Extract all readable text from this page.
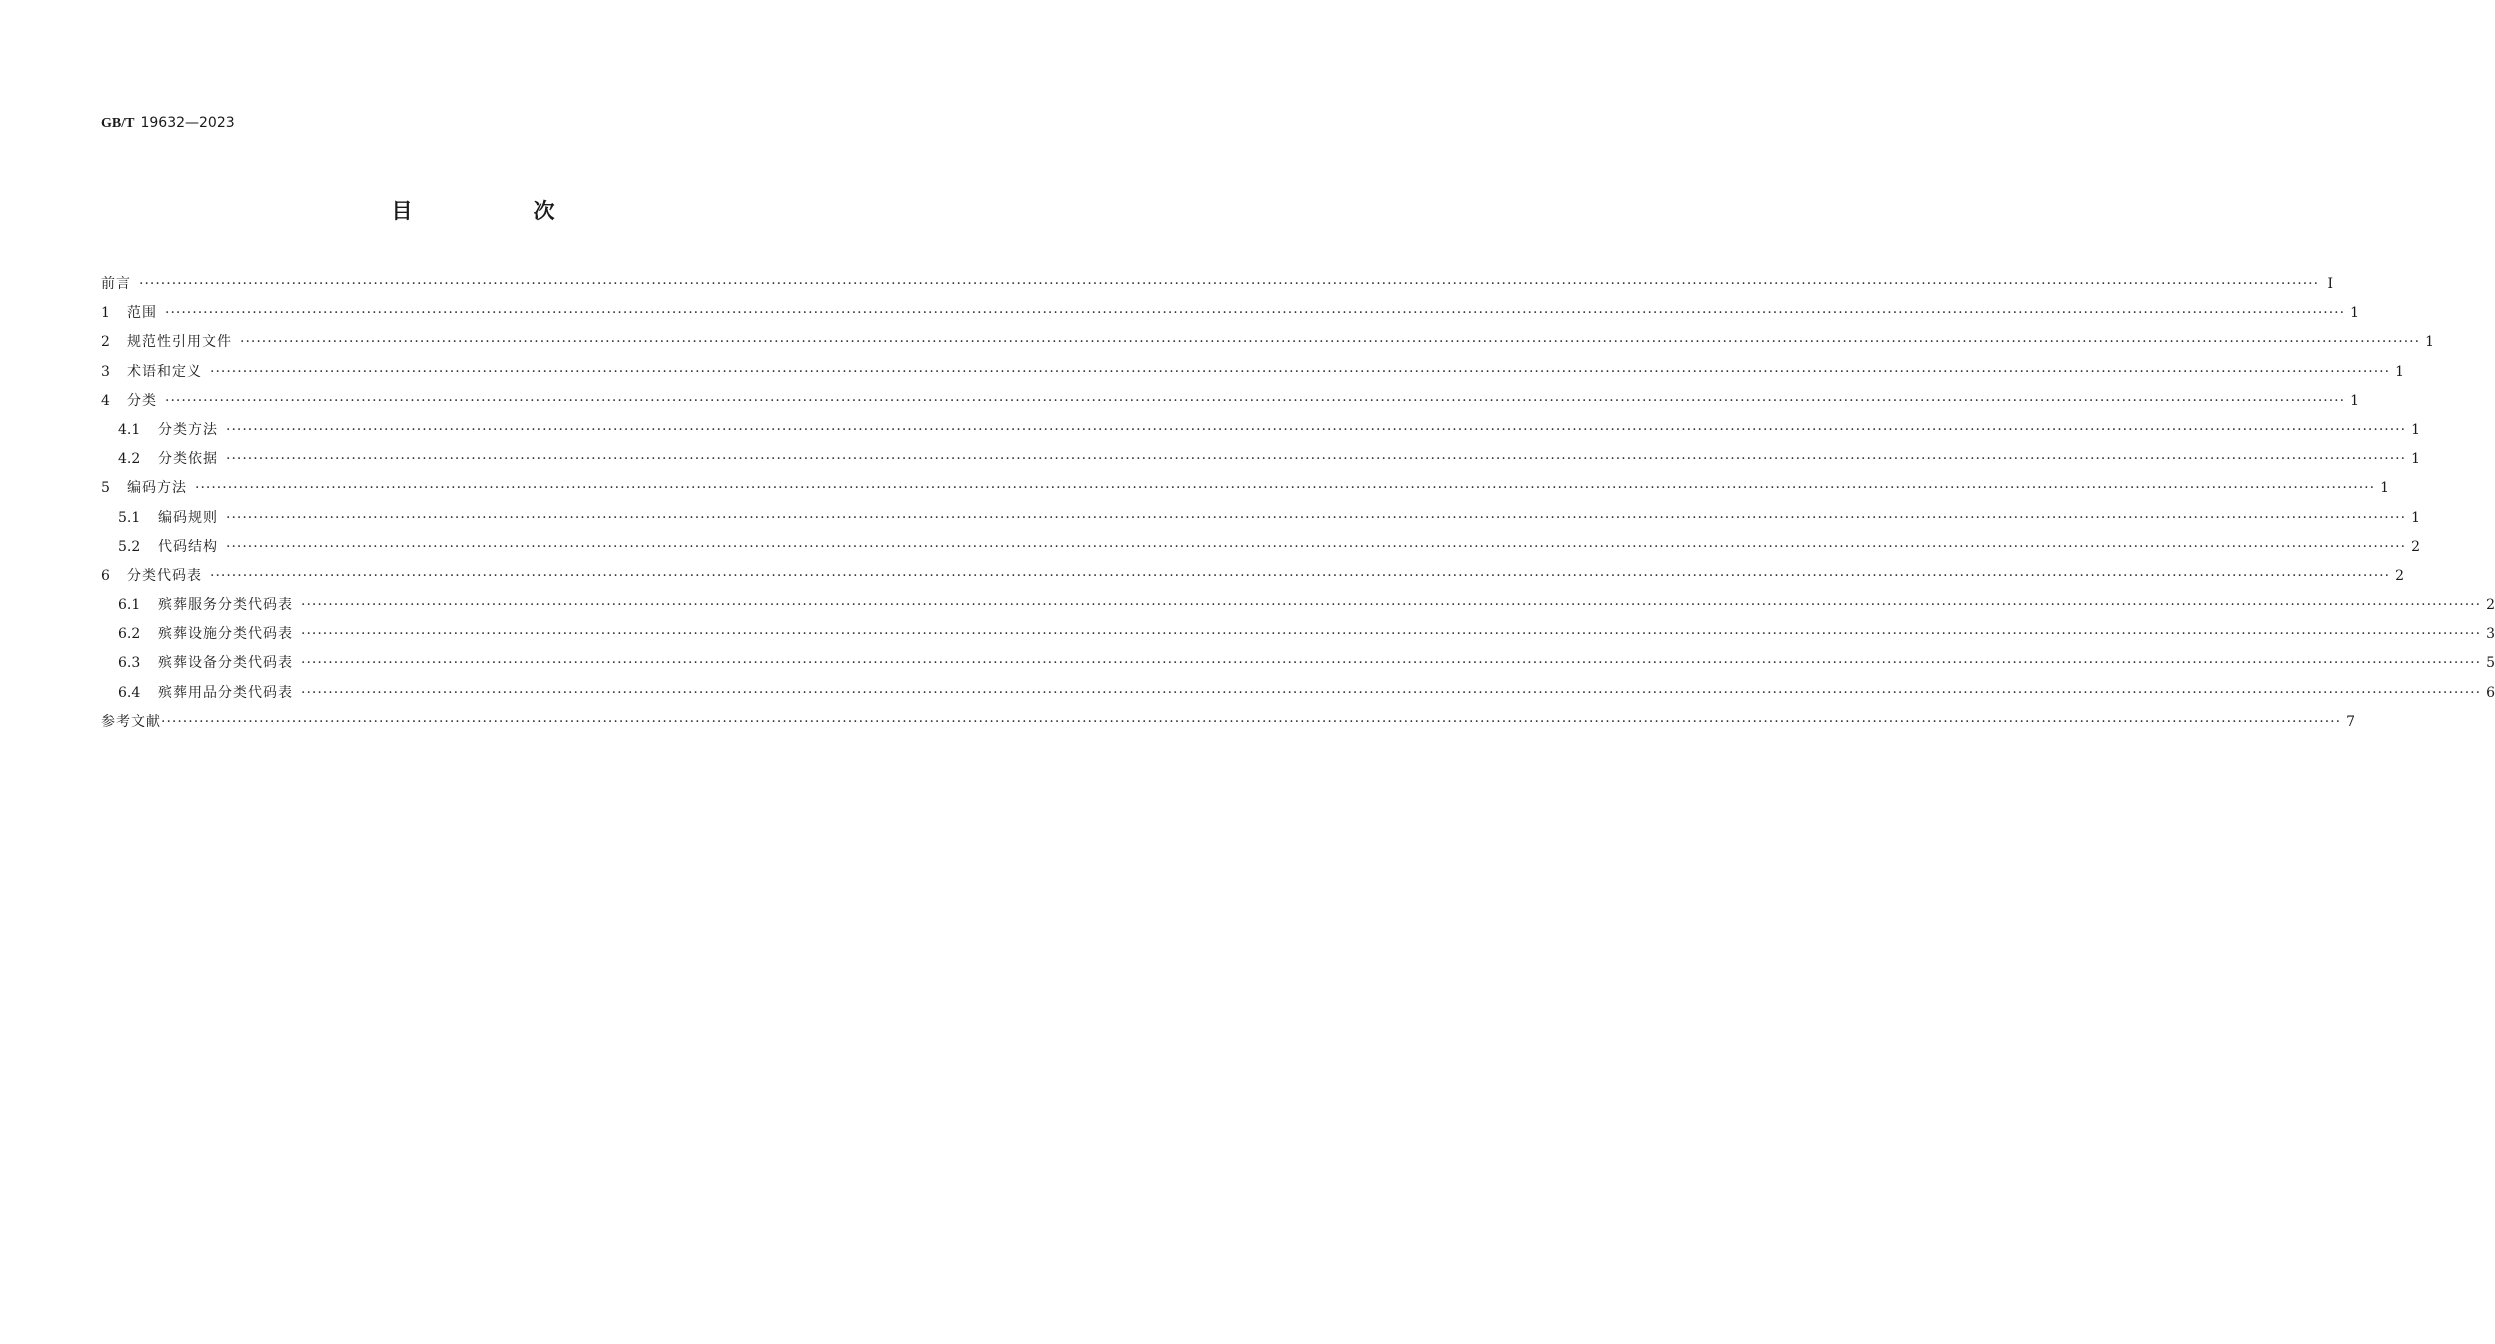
GB/T 19632—2023
目　次
前言 ················································································································································································································································································································································································································ Ⅰ
1	范围 ················································································································································································································································································································································································································ 1
2	规范性引用文件 ················································································································································································································································································································································································································ 1
3	术语和定义 ················································································································································································································································································································································································································ 1
4	分类 ················································································································································································································································································································································································································ 1
4.1	分类方法 ················································································································································································································································································································································································································ 1
4.2	分类依据 ················································································································································································································································································································································································································ 1
5	编码方法 ················································································································································································································································································································································································································ 1
5.1	编码规则 ················································································································································································································································································································································································································ 1
5.2	代码结构 ················································································································································································································································································································································································································ 2
6	分类代码表 ················································································································································································································································································································································································································ 2
6.1	殡葬服务分类代码表 ················································································································································································································································································································································································································ 2
6.2	殡葬设施分类代码表 ················································································································································································································································································································································································································ 3
6.3	殡葬设备分类代码表 ················································································································································································································································································································································································································ 5
6.4	殡葬用品分类代码表 ················································································································································································································································································································································································································ 6
参考文献 ················································································································································································································································································································································································································ 7
